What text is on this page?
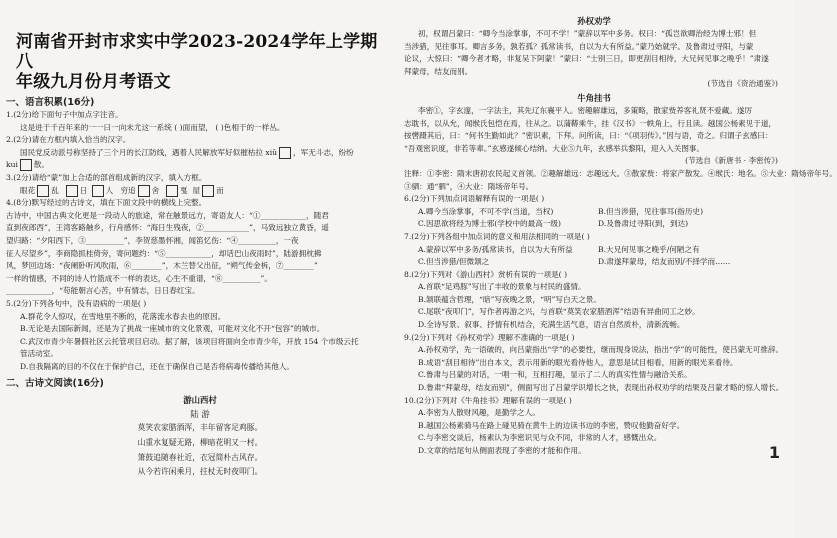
河南省开封市求实中学2023-2024学年上学期八
年级九月份月考语文
一、语言积累(16分)
1.(2分)给下面句子中加点字注音。
这是进于千百年来的一一曰一向未尤这一系统 ( )面而望， ( )色相于的一样丛。
2.(2分)请在方框内填入恰当的汉字。
国民党反动派号称坚持了三个月的长江防线，遇着人民解放军好似摧枯拉 xiǔ ，军无斗志，纷纷
kui 散。
3.(2分)请给“蒙”加上合适的部首组成新的汉字，填入方框。
眼花 乱	日 人 穷追 舍	戛 屋 而
4.(8分)默写经过的古诗文，填在下面文段中的横线上完整。
古诗中，中国古典文化更是一段动人的旅途，常在触景远方，寄语友人：“①____________，随君
直到夜郎西”，王湾客路触乡，行舟感怀：“海日生残夜，②____________”，马致远独立黄昏，遥
望归路：“夕阳西下，③__________”，李贺慈墨怀湘，闻笛忆伤：“④__________，一夜
征人尽望乡”，李商隐抓桂倚旁，寄问题约：“⑤____________，却话巴山夜雨时”，陆游拥枕拂
风，梦回边场：“夜阑卧听风吹雨，⑥________”，木兰替父出征，“朔气传金柝，⑦________”
一样的情感，不同的诗人竹篮成不一样的表达，心生不重谱，“⑧__________”。
____________，“苟能朝言心苦，中有情志，日日春红宝。
5.(2分)下列各句中，没有语病的一项是( )
A.群花令人惊叹，在雪地里不断的，花落流水春去也的原因。
B.无论是去国际新闻，还是为了挑战一座城市的文化景观，可能对文化不开“包容”的城市。
C.武汉市青少年暑假社区云托管项目启动。据了解，该项目将面向全市青少年，开放 154 个市级云托
管活动室。
D.自我隔离的目的不仅在于保护自己，还在于确保自己是否将病毒传播给其他人。
二、古诗文阅读(16分)
游山西村
陆 游
莫笑农家腊酒浑，丰年留客足鸡豚。
山重水复疑无路，柳暗花明又一村。
箫鼓追随春社近，衣冠简朴古风存。
从今若许闲乘月，拄杖无时夜叩门。
孙权劝学
初，权谓吕蒙曰：“卿今当涂掌事，不可不学！”蒙辞以军中多务。权曰：“孤岂欲卿治经为博士邪！但
当涉猎，见往事耳。卿言多务，孰若孤？孤常读书，自以为大有所益。”蒙乃始就学。及鲁肃过寻阳，与蒙
论议，大惊曰：“卿今者才略，非复吴下阿蒙！”蒙曰：“士别三日，即更刮目相待，大兄何见事之晚乎！”肃遂
拜蒙母，结友而别。
(节选自《资治通鉴》)
牛角挂书
李密①，字玄邃，一字法主，其先辽东襄平人。密趣解雄远，多策略，散家赀养客礼贤不爱藏。遂厉
志耽书，以从允，闻缑氏包恺在焉，往从之。以蒲鞯乘牛，挂《汉书》一帙角上，行且读。越国公杨素见于道，
按辔蹑其后，曰：“何书生勤如此？”密识素，下拜。问所读，曰：“《项羽传》。”因与语，奇之。归谓子玄感曰：
“吾观密识度，非若等辈。”玄感遂倾心结纳。大业⑤九年，玄感举兵黎阳，迎入入关图事。
(节选自《新唐书 · 李密传》)
注释：①李密：隋末唐初农民起义首领。②趣解雄远：志趣远大。③散家赀：将家产散发。④缑氏：地名。⑤大业：隋炀帝年号。
③驷：通“驷”，④大业：隋场帝年号。
6.(2分)下列加点词语解释有误的一项是( )
A.卿今当涂掌事，不可不学(当道，当权)	B.但当涉猎，见往事耳(指历史)
C.因思欲将经为博士邪(学校中的最高一级)	D.及鲁肃过寻阳(到，到达)
7.(2分)下列各组中加点词的意义和用法相同的一项是( )
A.蒙辞以军中多务/孤常读书，自以为大有所益	B.大兄何见事之晚乎/何陋之有
C.但当涉猎/但微颔之	D.肃遂拜蒙母，结友而别/不择学而……
8.(2分)下列对《游山西村》赏析有误的一项是( )
A.首联“足鸡豚”写出了丰收的景象与村民的盛情。
B.颔联蕴含哲理，“暗”写夜晚之景，“明”写白天之景。
C.尾联“夜叩门”，写作者再游之兴，与首联“莫笑农家腊酒浑”结语有异曲同工之妙。
D.全诗写景、叙事、抒情有机结合，充满生活气息，语言自然质朴，清新流畅。
9.(2分)下列对《孙权劝学》理解不准确的一项是( )
A.孙权劝学，先一语破的，向吕蒙指出“学”的必要性，继而现身说法，指出“学”的可能性，使吕蒙无可推辞。
B.成语“刮目相待”出自本文，表示用新的眼光看待他人，意思是试目相看，用新的眼光来看待。
C.鲁肃与吕蒙的对话，一唱一和，互相打趣，显示了二人的真实性情与融洽关系。
D.鲁肃“拜蒙母，结友而别”，侧面写出了吕蒙学识增长之快，表现出孙权劝学的结果及吕蒙才略的惊人增长。
10.(2分)下列对《牛角挂书》理解有误的一项是( )
A.李密为人散财风趣，是勤学之人。
B.越国公杨素骑马在路上碰见骑在黄牛上的边读书边的李密，赞叹他勤奋好学。
C.与李密交谈后，杨素认为李密识见与众不同，非常的人才，感慨出众。
D.文章的结尾句从侧面表现了李密的才能和作用。	1
